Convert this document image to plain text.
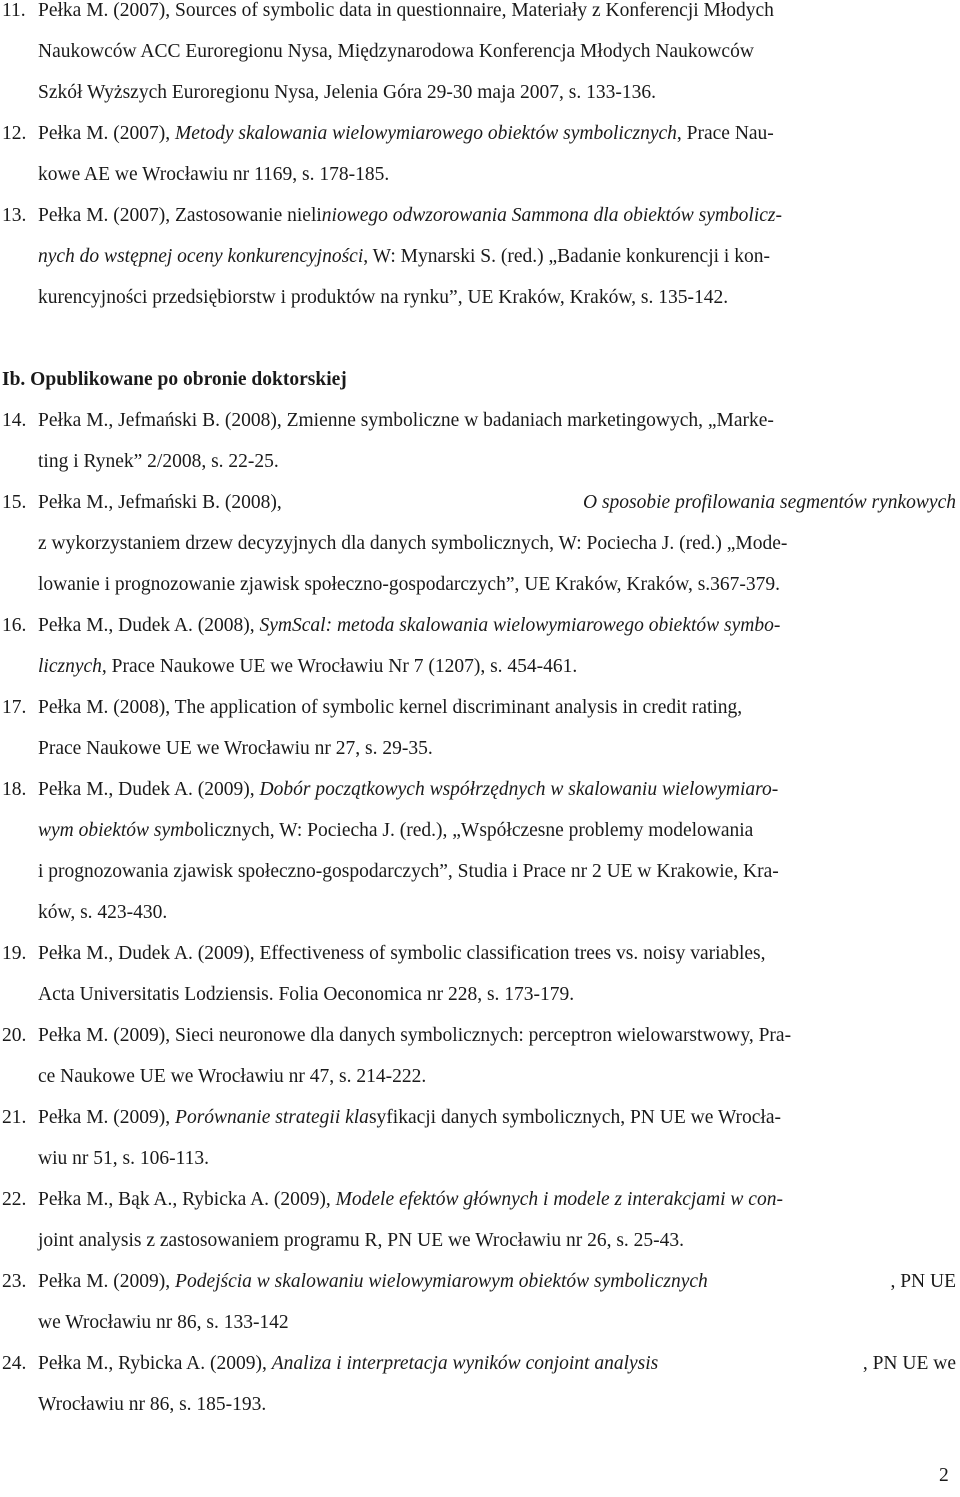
11. Pełka M. (2007), Sources of symbolic data in questionnaire, Materiały z Konferencji Młodych
Naukowców ACC Euroregionu Nysa, Międzynarodowa Konferencja Młodych Naukowców
Szkół Wyższych Euroregionu Nysa, Jelenia Góra 29-30 maja 2007, s. 133-136.
12. Pełka M. (2007), Metody skalowania wielowymiarowego obiektów symbolicznych, Prace Nau-
kowe AE we Wrocławiu nr 1169, s. 178-185.
13. Pełka M. (2007), Zastosowanie nieliniowego odwzorowania Sammona dla obiektów symbolicz-
nych do wstępnej oceny konkurencyjności, W: Mynarski S. (red.) „Badanie konkurencji i kon-
kurencyjności przedsiębiorstw i produktów na rynku”, UE Kraków, Kraków, s. 135-142.
Ib. Opublikowane po obronie doktorskiej
14. Pełka M., Jefmański B. (2008), Zmienne symboliczne w badaniach marketingowych, „Marke-
ting i Rynek” 2/2008, s. 22-25.
15. Pełka M., Jefmański B. (2008),	O sposobie profilowania segmentów rynkowych
z wykorzystaniem drzew decyzyjnych dla danych symbolicznych, W: Pociecha J. (red.) „Mode-
lowanie i prognozowanie zjawisk społeczno-gospodarczych”, UE Kraków, Kraków, s.367-379.
16. Pełka M., Dudek A. (2008), SymScal: metoda skalowania wielowymiarowego obiektów symbo-
licznych, Prace Naukowe UE we Wrocławiu Nr 7 (1207), s. 454-461.
17. Pełka M. (2008), The application of symbolic kernel discriminant analysis in credit rating,
Prace Naukowe UE we Wrocławiu nr 27, s. 29-35.
18. Pełka M., Dudek A. (2009), Dobór początkowych współrzędnych w skalowaniu wielowymiaro-
wym obiektów symbolicznych, W: Pociecha J. (red.), „Współczesne problemy modelowania
i prognozowania zjawisk społeczno-gospodarczych”, Studia i Prace nr 2 UE w Krakowie, Kra-
ków, s. 423-430.
19. Pełka M., Dudek A. (2009), Effectiveness of symbolic classification trees vs. noisy variables,
Acta Universitatis Lodziensis. Folia Oeconomica nr 228, s. 173-179.
20. Pełka M. (2009), Sieci neuronowe dla danych symbolicznych: perceptron wielowarstwowy, Pra-
ce Naukowe UE we Wrocławiu nr 47, s. 214-222.
21. Pełka M. (2009), Porównanie strategii klasyfikacji danych symbolicznych, PN UE we Wrocła-
wiu nr 51, s. 106-113.
22. Pełka M., Bąk A., Rybicka A. (2009), Modele efektów głównych i modele z interakcjami w con-
joint analysis z zastosowaniem programu R, PN UE we Wrocławiu nr 26, s. 25-43.
23. Pełka M. (2009), Podejścia w skalowaniu wielowymiarowym obiektów symbolicznych	, PN UE
we Wrocławiu nr 86, s. 133-142
24. Pełka M., Rybicka A. (2009), Analiza i interpretacja wyników conjoint analysis	, PN UE we
Wrocławiu nr 86, s. 185-193.
2
